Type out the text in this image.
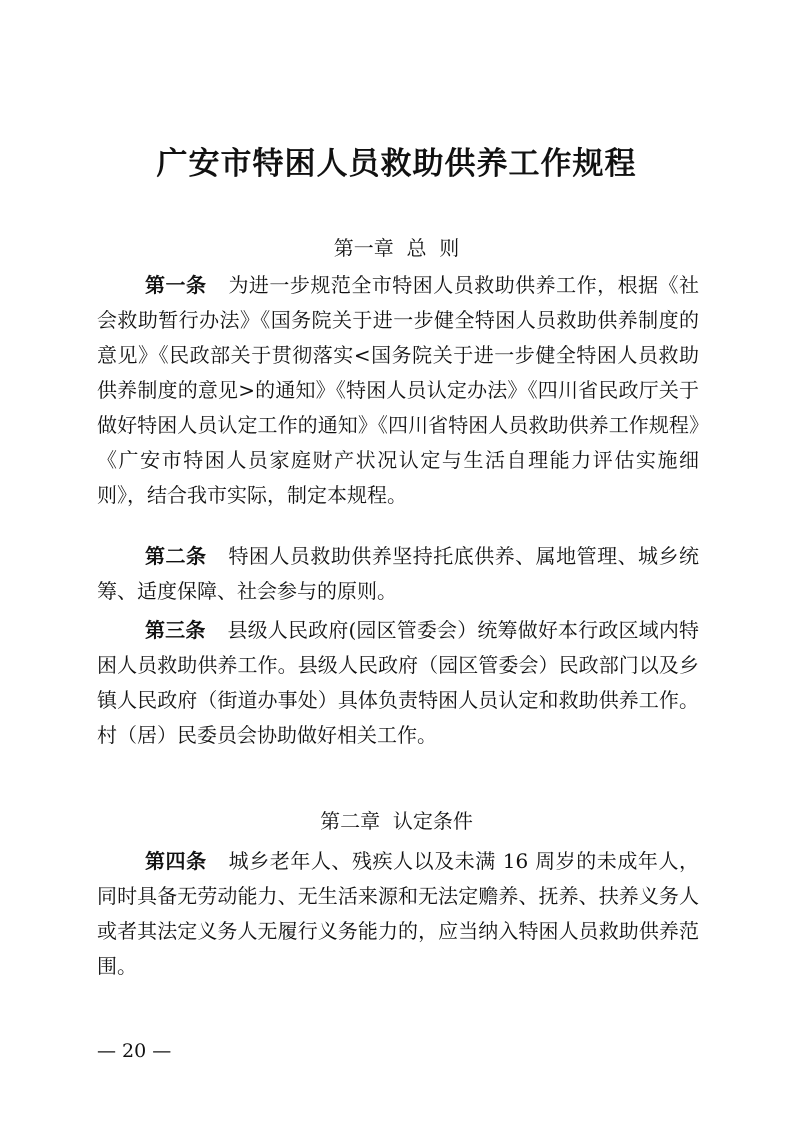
广安市特困人员救助供养工作规程
第一章  总  则
第一条 为进一步规范全市特困人员救助供养工作，根据《社会救助暂行办法》《国务院关于进一步健全特困人员救助供养制度的意见》《民政部关于贯彻落实<国务院关于进一步健全特困人员救助供养制度的意见>的通知》《特困人员认定办法》《四川省民政厅关于做好特困人员认定工作的通知》《四川省特困人员救助供养工作规程》《广安市特困人员家庭财产状况认定与生活自理能力评估实施细则》，结合我市实际，制定本规程。
第二条 特困人员救助供养坚持托底供养、属地管理、城乡统筹、适度保障、社会参与的原则。
第三条 县级人民政府(园区管委会）统筹做好本行政区域内特困人员救助供养工作。县级人民政府（园区管委会）民政部门以及乡镇人民政府（街道办事处）具体负责特困人员认定和救助供养工作。村（居）民委员会协助做好相关工作。
第二章  认定条件
第四条 城乡老年人、残疾人以及未满 16 周岁的未成年人，同时具备无劳动能力、无生活来源和无法定赡养、抚养、扶养义务人或者其法定义务人无履行义务能力的，应当纳入特困人员救助供养范围。
— 20 —
